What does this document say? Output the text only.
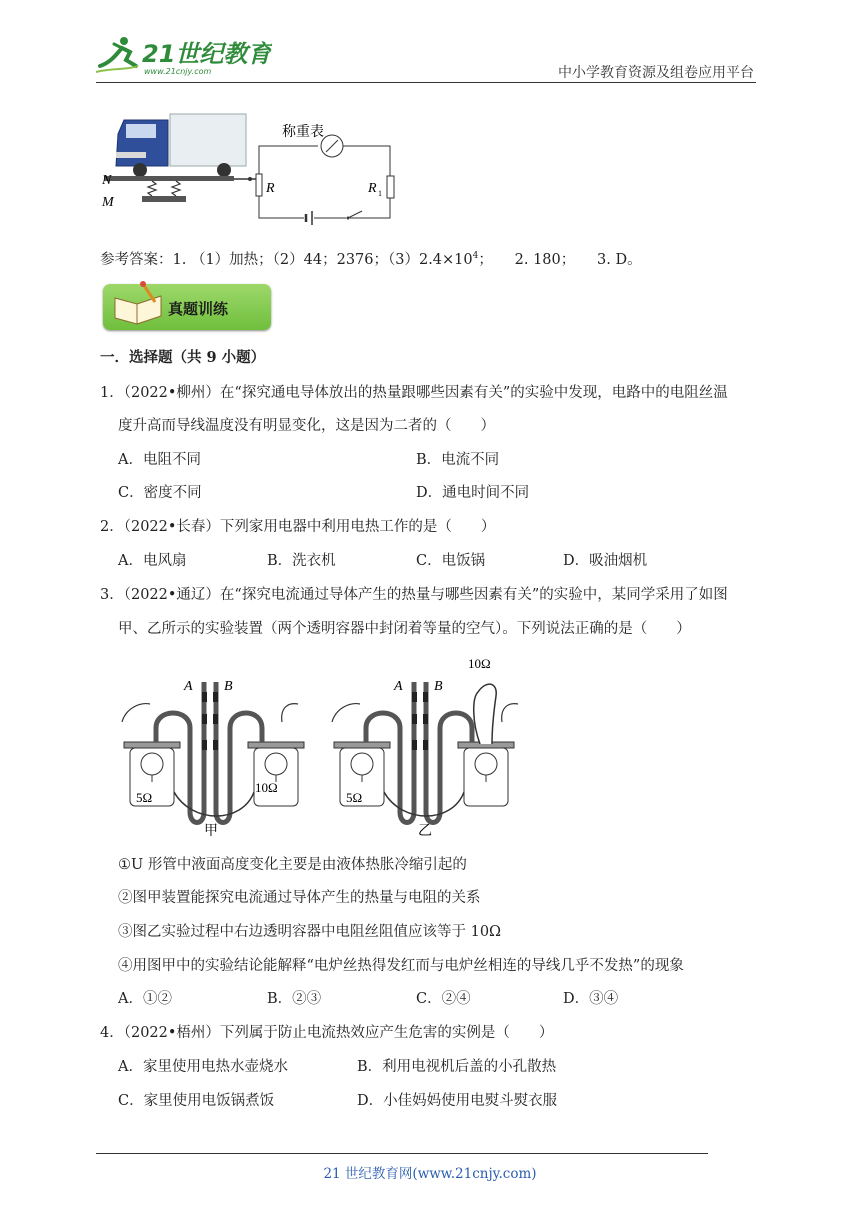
21世纪教育
www.21cnjy.com	中小学教育资源及组卷应用平台
N
M
R	R 1
称重表
参考答案：1. （1）加热；（2）44；2376；$(3)2.4\times 10^4$；　　2. 180；　　3. D。
真题训练
一．选择题（共 9 小题）
1．（2022•柳州）在“探究通电导体放出的热量跟哪些因素有关”的实验中发现，电路中的电阻丝温
度升高而导线温度没有明显变化，这是因为二者的（　　）
A．电阻不同	B．电流不同
C．密度不同	D．通电时间不同
2．（2022•长春）下列家用电器中利用电热工作的是（　　）
A．电风扇	B．洗衣机	C．电饭锅	D．吸油烟机
3．（2022•通辽）在“探究电流通过导体产生的热量与哪些因素有关”的实验中，某同学采用了如图
甲、乙所示的实验装置（两个透明容器中封闭着等量的空气）。下列说法正确的是（　　）
5Ω
10Ω
A B
甲
5Ω
10Ω
A B
乙
①U 形管中液面高度变化主要是由液体热胀冷缩引起的
②图甲装置能探究电流通过导体产生的热量与电阻的关系
③图乙实验过程中右边透明容器中电阻丝阻值应该等于 10Ω
④用图甲中的实验结论能解释“电炉丝热得发红而与电炉丝相连的导线几乎不发热”的现象
A．①②	B．②③	C．②④	D．③④
4．（2022•梧州）下列属于防止电流热效应产生危害的实例是（　　）
A．家里使用电热水壶烧水	B．利用电视机后盖的小孔散热
C．家里使用电饭锅煮饭	D．小佳妈妈使用电熨斗熨衣服
21 世纪教育网(www.21cnjy.com)
